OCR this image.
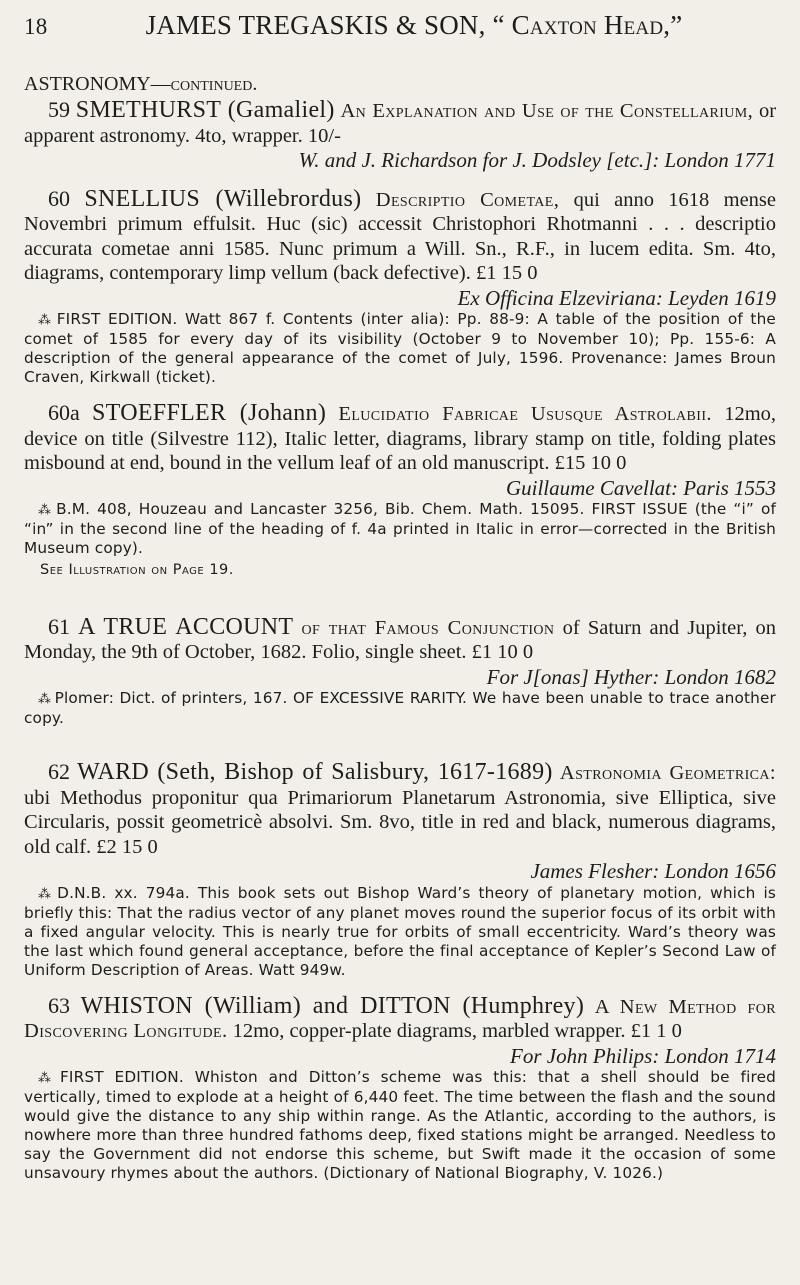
18	JAMES TREGASKIS & SON, “ Caxton Head,”
ASTRONOMY—continued.

59 SMETHURST (Gamaliel) An Explanation and Use of the Constellarium, or apparent astronomy. 4to, wrapper. 10/-

W. and J. Richardson for J. Dodsley [etc.]: London 1771

60 SNELLIUS (Willebrordus) Descriptio Cometae, qui anno 1618 mense Novembri primum effulsit. Huc (sic) accessit Christophori Rhotmanni . . . descriptio accurata cometae anni 1585. Nunc primum a Will. Sn., R.F., in lucem edita. Sm. 4to, diagrams, contemporary limp vellum (back defective). £1 15 0

Ex Officina Elzeviriana: Leyden 1619

⁂ FIRST EDITION. Watt 867 f. Contents (inter alia): Pp. 88-9: A table of the position of the comet of 1585 for every day of its visibility (October 9 to November 10); Pp. 155-6: A description of the general appearance of the comet of July, 1596. Provenance: James Broun Craven, Kirkwall (ticket).

60a STOEFFLER (Johann) Elucidatio Fabricae Ususque Astrolabii. 12mo, device on title (Silvestre 112), Italic letter, diagrams, library stamp on title, folding plates misbound at end, bound in the vellum leaf of an old manuscript. £15 10 0

Guillaume Cavellat: Paris 1553

⁂ B.M. 408, Houzeau and Lancaster 3256, Bib. Chem. Math. 15095. FIRST ISSUE (the “i” of “in” in the second line of the heading of f. 4a printed in Italic in error—corrected in the British Museum copy).

See Illustration on Page 19.

61 A TRUE ACCOUNT of that Famous Conjunction of Saturn and Jupiter, on Monday, the 9th of October, 1682. Folio, single sheet. £1 10 0

For J[onas] Hyther: London 1682

⁂ Plomer: Dict. of printers, 167. OF EXCESSIVE RARITY. We have been unable to trace another copy.

62 WARD (Seth, Bishop of Salisbury, 1617-1689) Astronomia Geometrica: ubi Methodus proponitur qua Primariorum Planetarum Astronomia, sive Elliptica, sive Circularis, possit geometricè absolvi. Sm. 8vo, title in red and black, numerous diagrams, old calf. £2 15 0

James Flesher: London 1656

⁂ D.N.B. xx. 794a. This book sets out Bishop Ward’s theory of planetary motion, which is briefly this: That the radius vector of any planet moves round the superior focus of its orbit with a fixed angular velocity. This is nearly true for orbits of small eccentricity. Ward’s theory was the last which found general acceptance, before the final acceptance of Kepler’s Second Law of Uniform Description of Areas. Watt 949w.

63 WHISTON (William) and DITTON (Humphrey) A New Method for Discovering Longitude. 12mo, copper-plate diagrams, marbled wrapper. £1 1 0

For John Philips: London 1714

⁂ FIRST EDITION. Whiston and Ditton’s scheme was this: that a shell should be fired vertically, timed to explode at a height of 6,440 feet. The time between the flash and the sound would give the distance to any ship within range. As the Atlantic, according to the authors, is nowhere more than three hundred fathoms deep, fixed stations might be arranged. Needless to say the Government did not endorse this scheme, but Swift made it the occasion of some unsavoury rhymes about the authors. (Dictionary of National Biography, V. 1026.)
